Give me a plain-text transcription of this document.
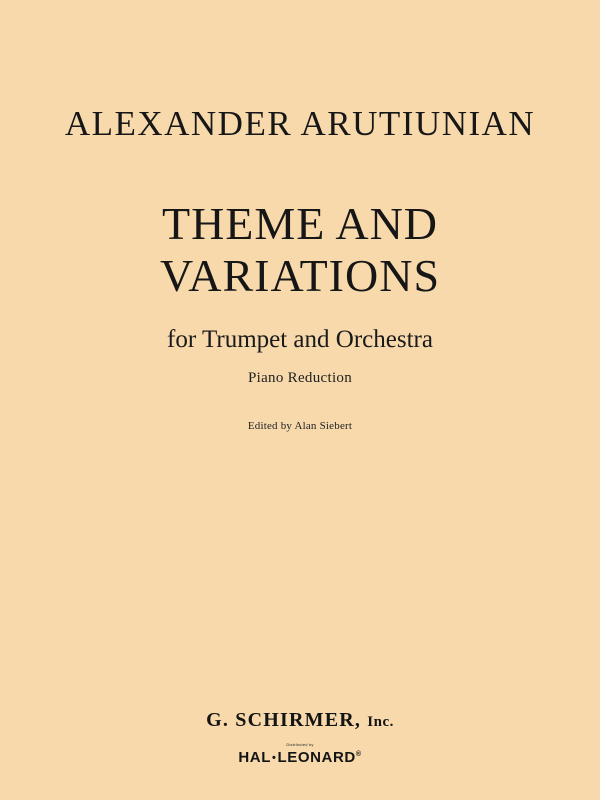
ALEXANDER ARUTIUNIAN
THEME AND
VARIATIONS
for Trumpet and Orchestra
Piano Reduction
Edited by Alan Siebert
G. SCHIRMER, Inc.
Distributed by
HAL•LEONARD®
